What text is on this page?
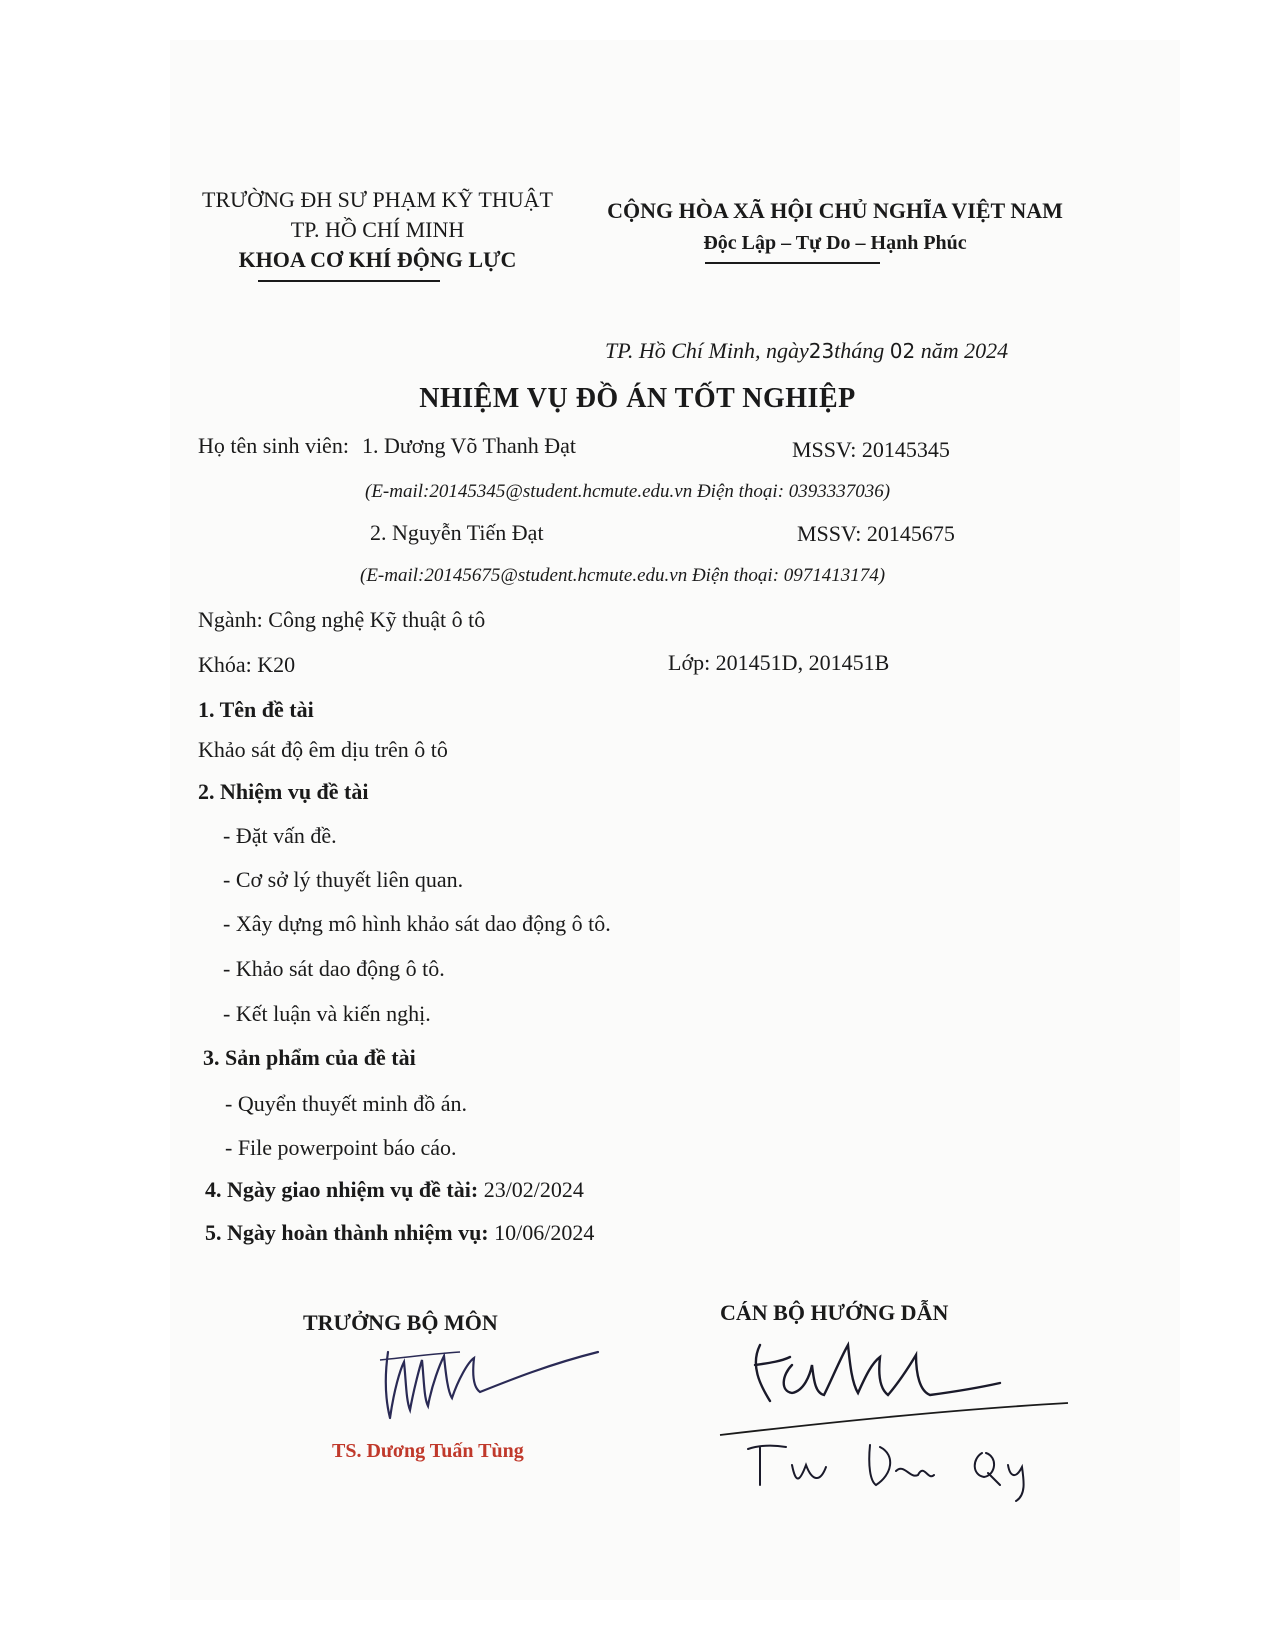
TRƯỜNG ĐH SƯ PHẠM KỸ THUẬT
TP. HỒ CHÍ MINH
KHOA CƠ KHÍ ĐỘNG LỰC
CỘNG HÒA XÃ HỘI CHỦ NGHĨA VIỆT NAM
Độc Lập – Tự Do – Hạnh Phúc
TP. Hồ Chí Minh, ngày23tháng 02 năm 2024
NHIỆM VỤ ĐỒ ÁN TỐT NGHIỆP
Họ tên sinh viên: 1. Dương Võ Thanh Đạt	MSSV: 20145345
(E-mail:20145345@student.hcmute.edu.vn Điện thoại: 0393337036)
2. Nguyễn Tiến Đạt	MSSV: 20145675
(E-mail:20145675@student.hcmute.edu.vn Điện thoại: 0971413174)
Ngành: Công nghệ Kỹ thuật ô tô
Khóa: K20	Lớp: 201451D, 201451B
1. Tên đề tài
Khảo sát độ êm dịu trên ô tô
2. Nhiệm vụ đề tài
- Đặt vấn đề.
- Cơ sở lý thuyết liên quan.
- Xây dựng mô hình khảo sát dao động ô tô.
- Khảo sát dao động ô tô.
- Kết luận và kiến nghị.
3. Sản phẩm của đề tài
- Quyển thuyết minh đồ án.
- File powerpoint báo cáo.
4. Ngày giao nhiệm vụ đề tài: 23/02/2024
5. Ngày hoàn thành nhiệm vụ: 10/06/2024
TRƯỞNG BỘ MÔN	CÁN BỘ HƯỚNG DẪN
TS. Dương Tuấn Tùng
